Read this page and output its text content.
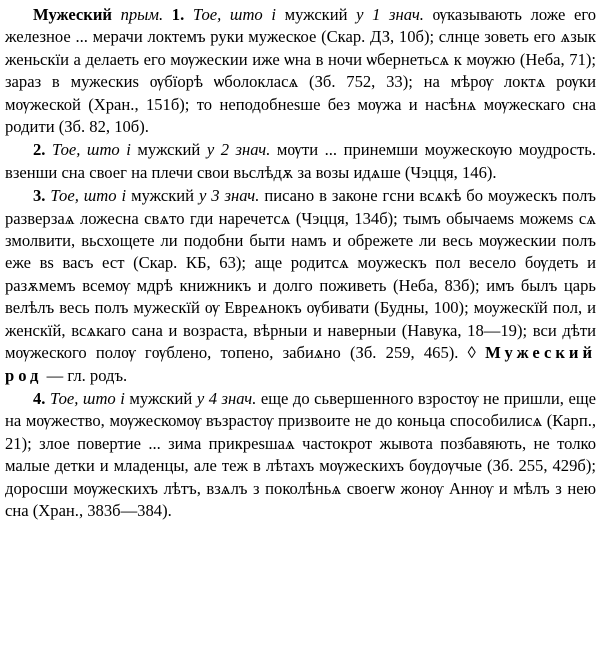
Мужеский прым. 1. Тое, што і мужский у 1 знач. ѹказывають ложе его железное ... мерачи локтемъ руки мужеское (Скар. ДЗ, 10б); слнце зоветь его ѧзык женьскїи а делаеть его мѹжескии иже ѡна в ночи ѡбернетьсѧ к мѹжю (Неба, 71); зараз в мужескиѕ ѹбїорѣ ѡболокласѧ (Зб. 752, 33); на мѣрѹ локтѧ рѹки мѹжеской (Хран., 151б); то неподобнеѕше без мѹжа и насѣнѧ мѹжескаго сна родити (Зб. 82, 10б).

2. Тое, што і мужский у 2 знач. мѹти ... принемши моужескѹю моудрость. взенши сна своег на плечи свои вьслѣдѫ за возы идѧше (Чэцця, 146).

3. Тое, што і мужский у 3 знач. писано в законе гсни всѧкѣ бо моужескъ полъ разверзаѧ ложесна свѧто гди наречетсѧ (Чэцця, 134б); тымъ обычаемѕ можемѕ сѧ змолвити, вьсхощете ли подобни быти намъ и обрежете ли весь мѹжескии полъ еже вѕ васъ ест (Скар. КБ, 63); аще родитсѧ моужескъ пол весело бѹдеть и разѫмемъ всемѹ мдрѣ книжникъ и долго поживеть (Неба, 83б); имъ былъ царь велѣлъ весь полъ мужескїй ѹ Евреѧнокъ ѹбивати (Будны, 100); моужескїй пол, и женскїй, всѧкаго сана и возраста, вѣрныи и наверныи (Навука, 18—19); вси дѣти мѹжеского полѹ гѹблено, топено, забиѧно (Зб. 259, 465). ◊ Мужеский род — гл. родъ.

4. Тое, што і мужский у 4 знач. еще до сьвершенного взростѹ не пришли, еще на мѹжество, мѹжескомѹ възрастѹ призвоите не до коньца способилисѧ (Карп., 21); злое повертие ... зима прикреѕшаѧ частокрот жывота позбавяють, не толко малые детки и младенцы, але теж в лѣтахъ мѹжескихъ бѹдѹчые (Зб. 255, 429б); доросши мѹжескихъ лѣтъ, взѧлъ з поколѣньѧ своегѡ жонѹ Аннѹ и мѣлъ з нею сна (Хран., 383б—384).
